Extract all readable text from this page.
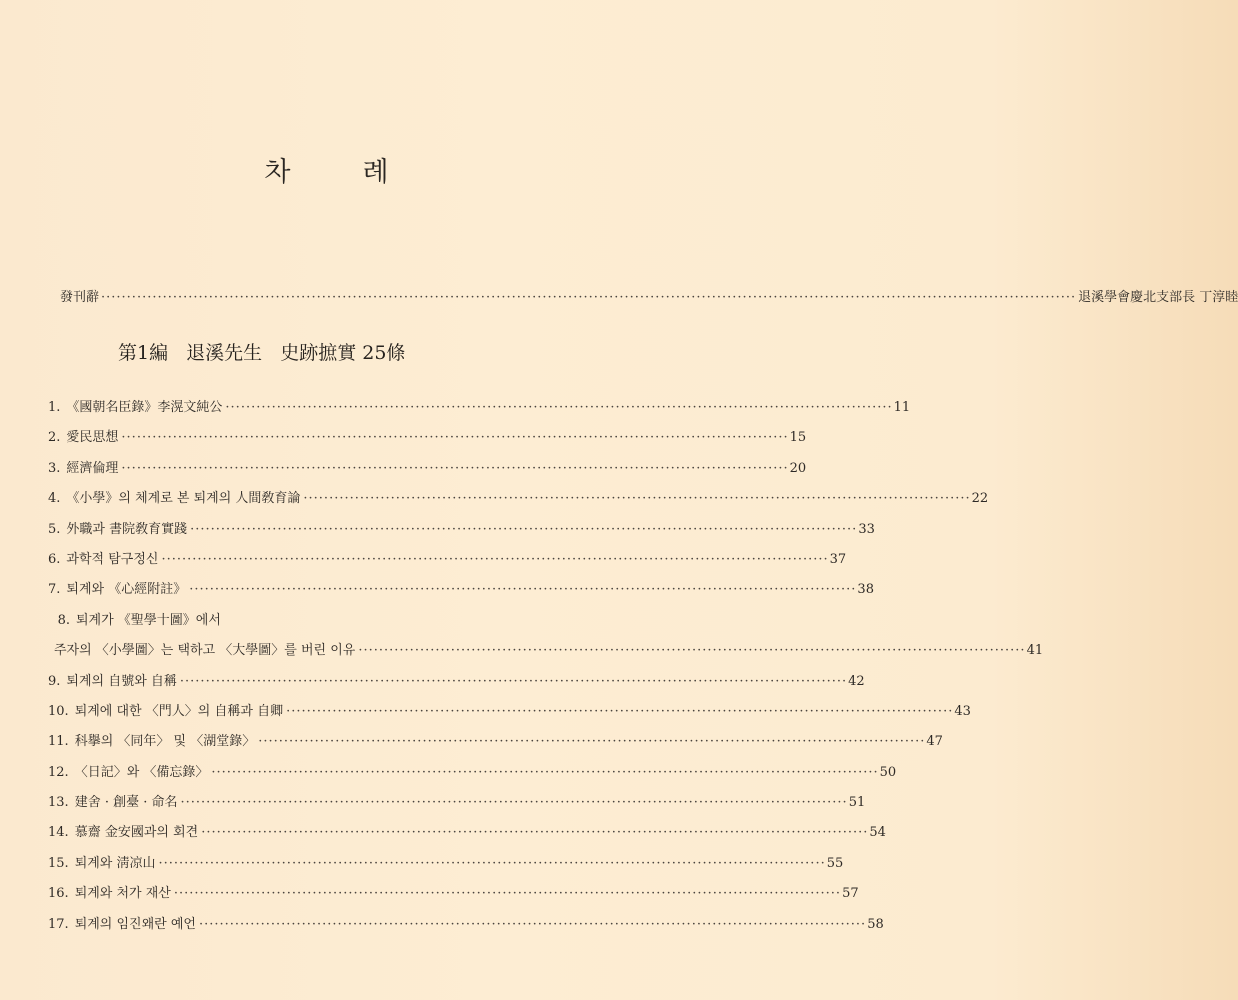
차	례
發刊辭	····· ···························································· 退溪學會慶北支部長 丁淳睦
第1編 退溪先生 史跡摭實 25條
1. 《國朝名臣錄》李滉文純公 ·····	11
2. 愛民思想 ·····	15
3. 經濟倫理 ·····	20
4. 《小學》의 체계로 본 퇴계의 人間敎育論 ·····	22
5. 外職과 書院敎育實踐 ·····	33
6. 과학적 탐구정신 ·····	37
7. 퇴계와 《心經附註》 ·····	38
8. 퇴계가 《聖學十圖》에서
주자의 〈小學圖〉는 택하고 〈大學圖〉를 버린 이유 ·····	41
9. 퇴계의 自號와 自稱 ·····	42
10. 퇴계에 대한 〈門人〉의 自稱과 自卿 ·····	43
11. 科擧의 〈同年〉 및 〈湖堂錄〉 ·····	47
12. 〈日記〉와 〈備忘錄〉 ·····	50
13. 建舍 · 創臺 · 命名 ·····	51
14. 慕齋 金安國과의 회견 ·····	54
15. 퇴계와 淸凉山 ·····	55
16. 퇴계와 처가 재산 ·····	57
17. 퇴계의 임진왜란 예언 ·····	58
